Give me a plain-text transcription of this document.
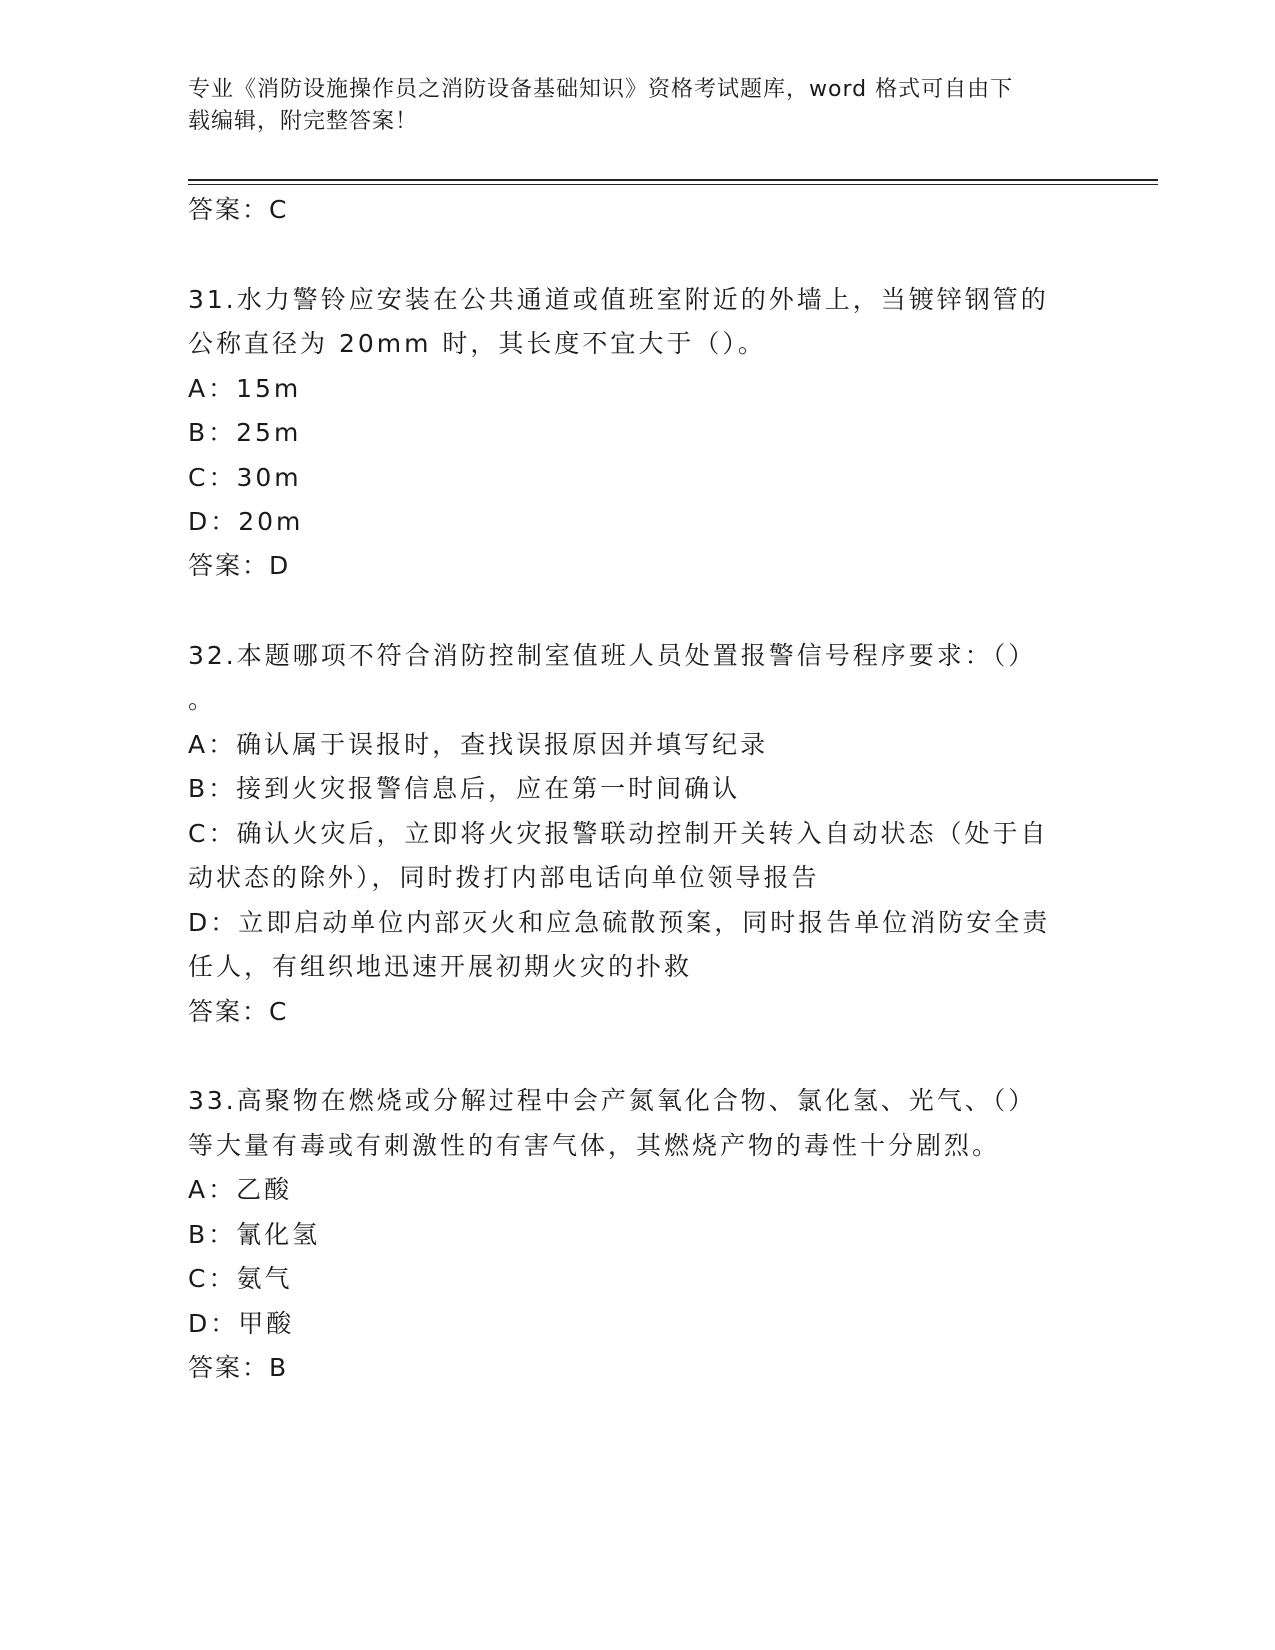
专业《消防设施操作员之消防设备基础知识》资格考试题库，word 格式可自由下
载编辑，附完整答案！
答案：C
31.水力警铃应安装在公共通道或值班室附近的外墙上，当镀锌钢管的
公称直径为 20mm 时，其长度不宜大于（）。
A：15m
B：25m
C：30m
D：20m
答案：D
32.本题哪项不符合消防控制室值班人员处置报警信号程序要求：（）
。
A：确认属于误报时，查找误报原因并填写纪录
B：接到火灾报警信息后，应在第一时间确认
C：确认火灾后，立即将火灾报警联动控制开关转入自动状态（处于自
动状态的除外），同时拨打内部电话向单位领导报告
D：立即启动单位内部灭火和应急硫散预案，同时报告单位消防安全责
任人，有组织地迅速开展初期火灾的扑救
答案：C
33.高聚物在燃烧或分解过程中会产氮氧化合物、氯化氢、光气、（）
等大量有毒或有刺激性的有害气体，其燃烧产物的毒性十分剧烈。
A：乙酸
B：氰化氢
C：氨气
D：甲酸
答案：B
